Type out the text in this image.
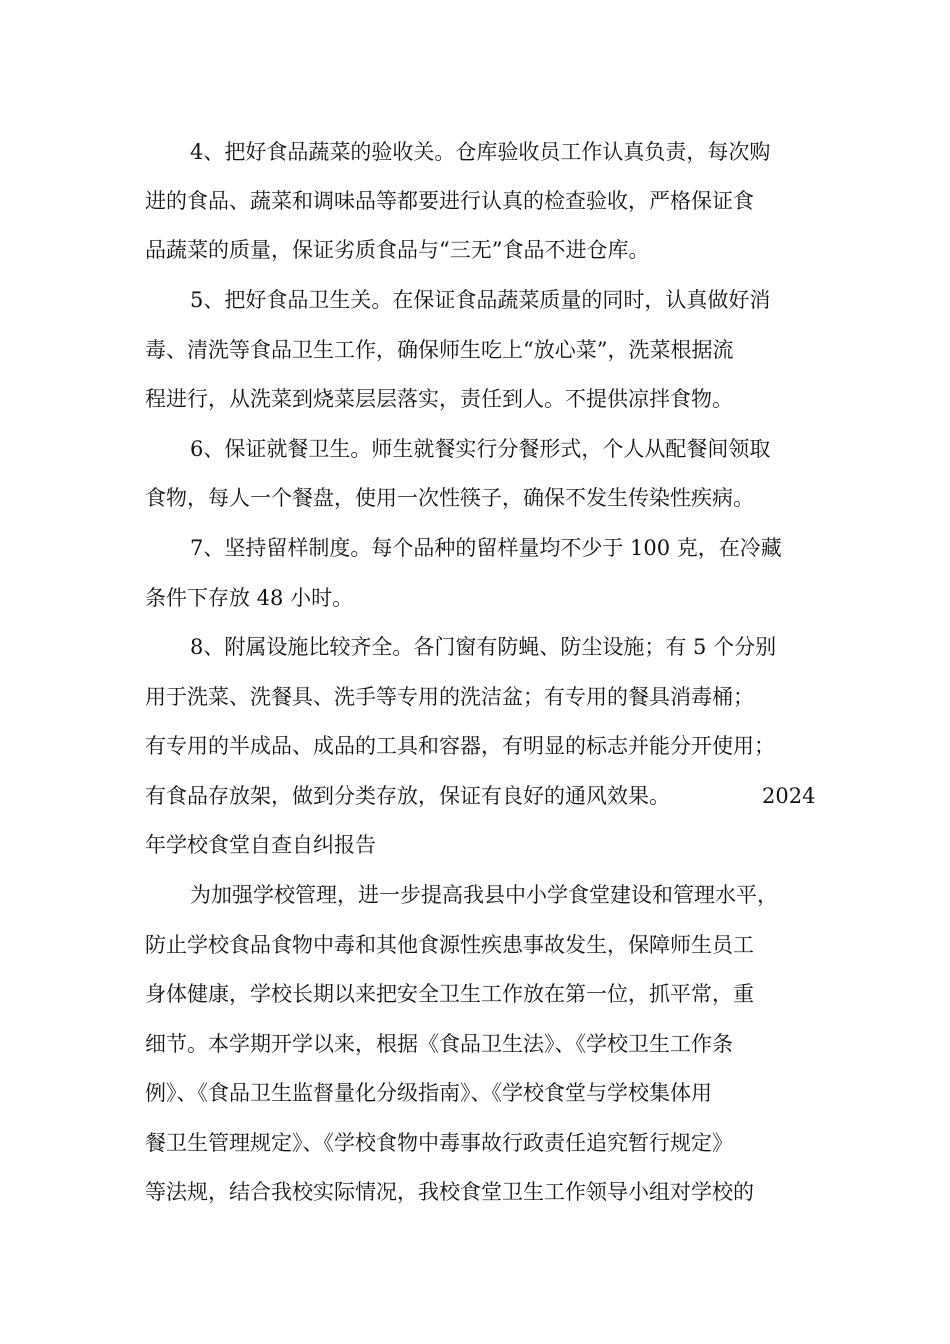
4、把好食品蔬菜的验收关。仓库验收员工作认真负责，每次购
进的食品、蔬菜和调味品等都要进行认真的检查验收，严格保证食
品蔬菜的质量，保证劣质食品与“三无”食品不进仓库。
5、把好食品卫生关。在保证食品蔬菜质量的同时，认真做好消
毒、清洗等食品卫生工作，确保师生吃上“放心菜”，洗菜根据流
程进行，从洗菜到烧菜层层落实，责任到人。不提供凉拌食物。
6、保证就餐卫生。师生就餐实行分餐形式，个人从配餐间领取
食物，每人一个餐盘，使用一次性筷子，确保不发生传染性疾病。
7、坚持留样制度。每个品种的留样量均不少于 100 克，在冷藏
条件下存放 48 小时。
8、附属设施比较齐全。各门窗有防蝇、防尘设施；有 5 个分别
用于洗菜、洗餐具、洗手等专用的洗洁盆；有专用的餐具消毒桶；
有专用的半成品、成品的工具和容器，有明显的标志并能分开使用；
有食品存放架，做到分类存放，保证有良好的通风效果。	2024
年学校食堂自查自纠报告
为加强学校管理，进一步提高我县中小学食堂建设和管理水平，
防止学校食品食物中毒和其他食源性疾患事故发生，保障师生员工
身体健康，学校长期以来把安全卫生工作放在第一位，抓平常，重
细节。本学期开学以来，根据《食品卫生法》、《学校卫生工作条
例》、《食品卫生监督量化分级指南》、《学校食堂与学校集体用
餐卫生管理规定》、《学校食物中毒事故行政责任追究暂行规定》
等法规，结合我校实际情况，我校食堂卫生工作领导小组对学校的
